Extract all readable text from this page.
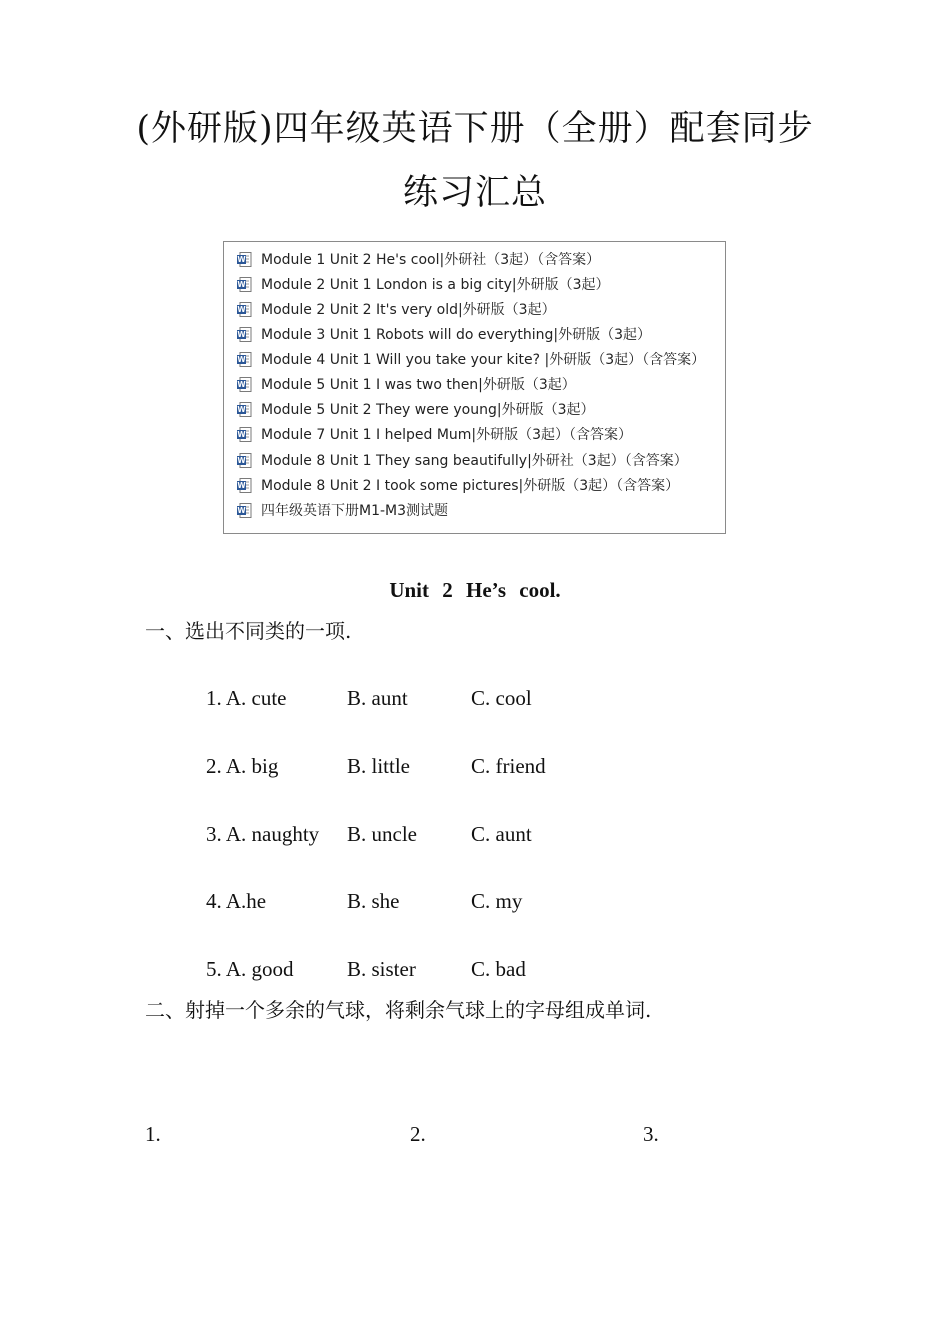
(外研版)四年级英语下册（全册）配套同步
练习汇总
W Module 1 Unit 2 He's cool|外研社（3起）（含答案）
W Module 2 Unit 1 London is a big city|外研版（3起）
W Module 2 Unit 2 It's very old|外研版（3起）
W Module 3 Unit 1 Robots will do everything|外研版（3起）
W Module 4 Unit 1 Will you take your kite? |外研版（3起）（含答案）
W Module 5 Unit 1 I was two then|外研版（3起）
W Module 5 Unit 2 They were young|外研版（3起）
W Module 7 Unit 1 I helped Mum|外研版（3起）（含答案）
W Module 8 Unit 1 They sang beautifully|外研社（3起）（含答案）
W Module 8 Unit 2 I took some pictures|外研版（3起）（含答案）
W 四年级英语下册M1-M3测试题
Unit 2 He’s cool.
一、选出不同类的一项.
1. A. cute	B. aunt	C. cool
2. A. big	B. little	C. friend
3. A. naughty B. uncle	C. aunt
4. A.he	B. she	C. my
5. A. good	B. sister	C. bad
二、射掉一个多余的气球，将剩余气球上的字母组成单词.
1.	2.	3.
